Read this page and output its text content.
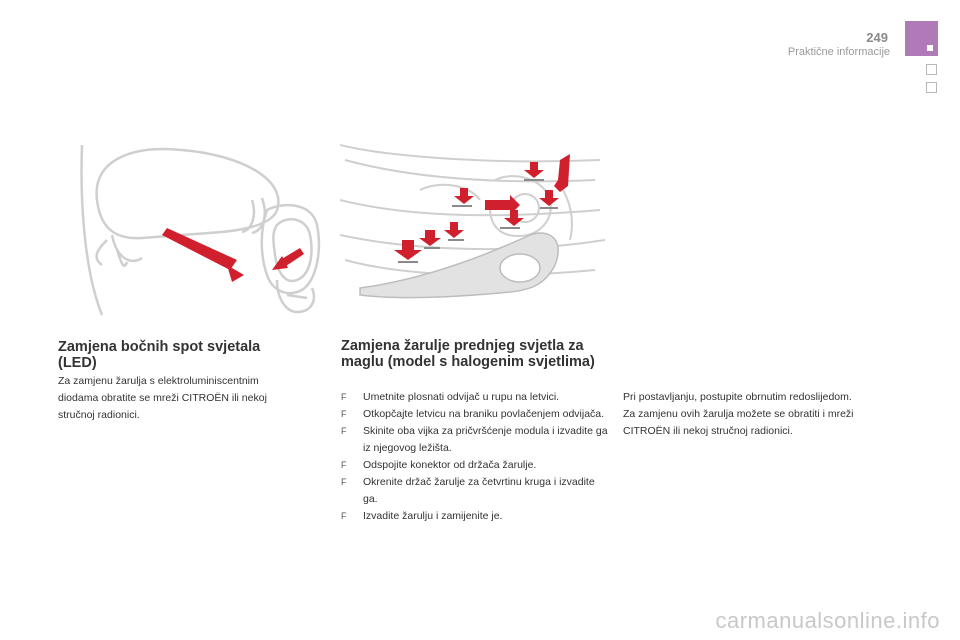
249
Praktične informacije
Zamjena bočnih spot svjetala (LED)
Za zamjenu žarulja s elektroluminiscentnim diodama obratite se mreži CITROËN ili nekoj stručnoj radionici.
Zamjena žarulje prednjeg svjetla za maglu (model s halogenim svjetlima)
F Umetnite plosnati odvijač u rupu na letvici.
F Otkopčajte letvicu na braniku povlačenjem odvijača.
F Skinite oba vijka za pričvršćenje modula i izvadite ga iz njegovog ležišta.
F Odspojite konektor od držača žarulje.
F Okrenite držač žarulje za četvrtinu kruga i izvadite ga.
F Izvadite žarulju i zamijenite je.
Pri postavljanju, postupite obrnutim redoslijedom.
Za zamjenu ovih žarulja možete se obratiti i mreži CITROËN ili nekoj stručnoj radionici.
carmanualsonline.info
